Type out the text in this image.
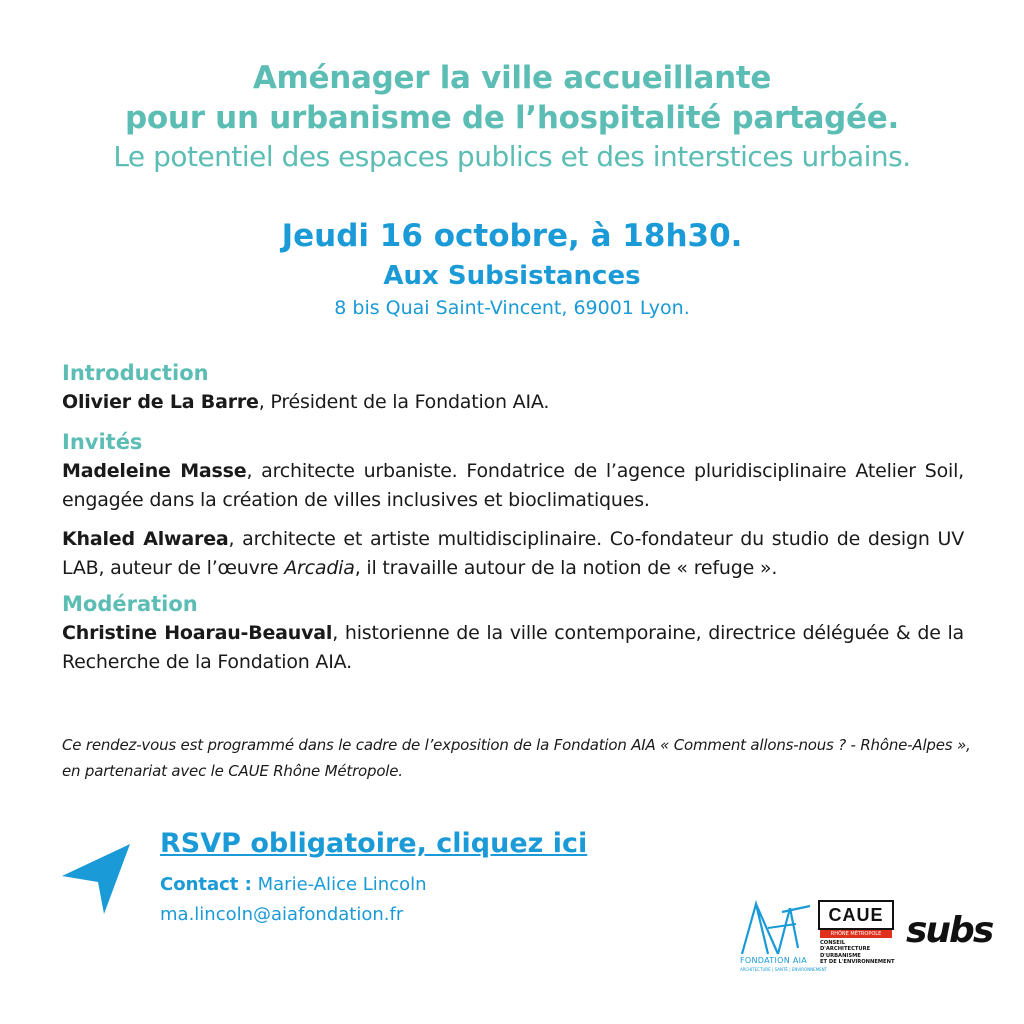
Aménager la ville accueillante

pour un urbanisme de l’hospitalité partagée.

Le potentiel des espaces publics et des interstices urbains.

Jeudi 16 octobre, à 18h30.

Aux Subsistances

8 bis Quai Saint-Vincent, 69001 Lyon.

Introduction

Olivier de La Barre, Président de la Fondation AIA.

Invités

Madeleine Masse, architecte urbaniste. Fondatrice de l’agence pluridisciplinaire Atelier Soil, engagée dans la création de villes inclusives et bioclimatiques.

Khaled Alwarea, architecte et artiste multidisciplinaire. Co-fondateur du studio de design UV LAB, auteur de l’œuvre Arcadia, il travaille autour de la notion de « refuge ».

Modération

Christine Hoarau-Beauval, historienne de la ville contemporaine, directrice déléguée & de la Recherche de la Fondation AIA.

Ce rendez-vous est programmé dans le cadre de l’exposition de la Fondation AIA « Comment allons-nous ? - Rhône-Alpes », en partenariat avec le CAUE Rhône Métropole.

RSVP obligatoire, cliquez ici

Contact : Marie-Alice Lincoln

ma.lincoln@aiafondation.fr

FONDATION AIA
ARCHITECTURE | SANTÉ | ENVIRONNEMENT
CAUE
RHÔNE MÉTROPOLE
CONSEIL
D'ARCHITECTURE
D'URBANISME
ET DE L'ENVIRONNEMENT
subs
